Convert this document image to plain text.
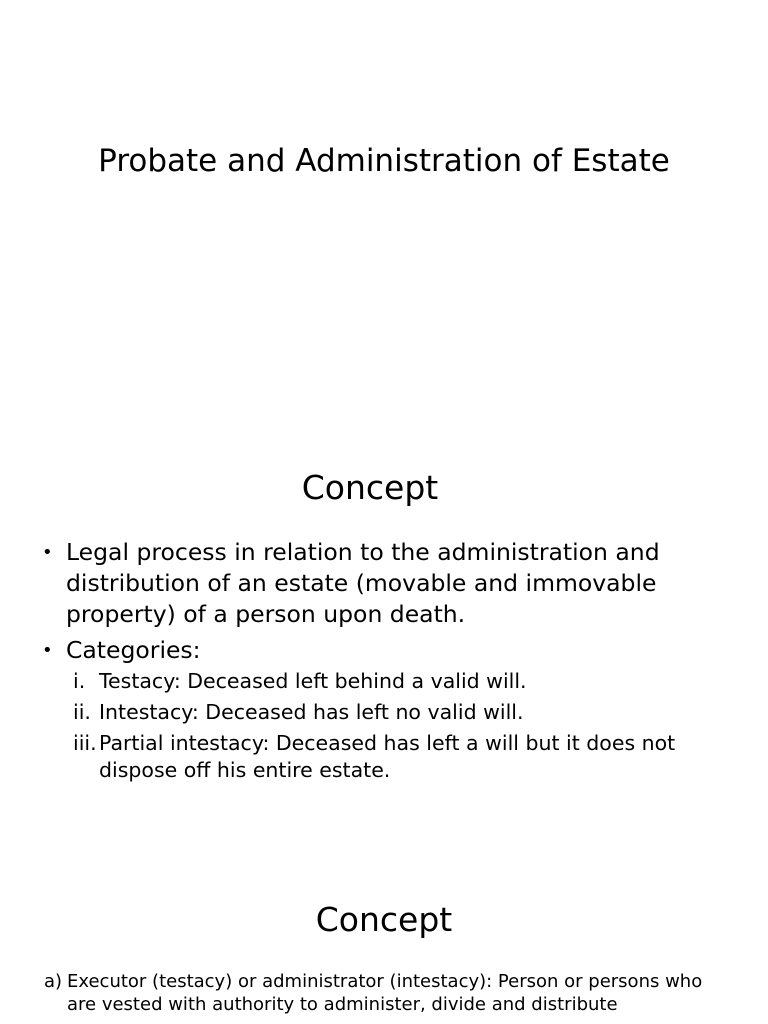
Probate and Administration of Estate
Concept
• Legal process in relation to the administration and distribution of an estate (movable and immovable property) of a person upon death.
• Categories:
i. Testacy: Deceased left behind a valid will.
ii. Intestacy: Deceased has left no valid will.
iii. Partial intestacy: Deceased has left a will but it does not dispose off his entire estate.
Concept
a) Executor (testacy) or administrator (intestacy): Person or persons who are vested with authority to administer, divide and distribute
